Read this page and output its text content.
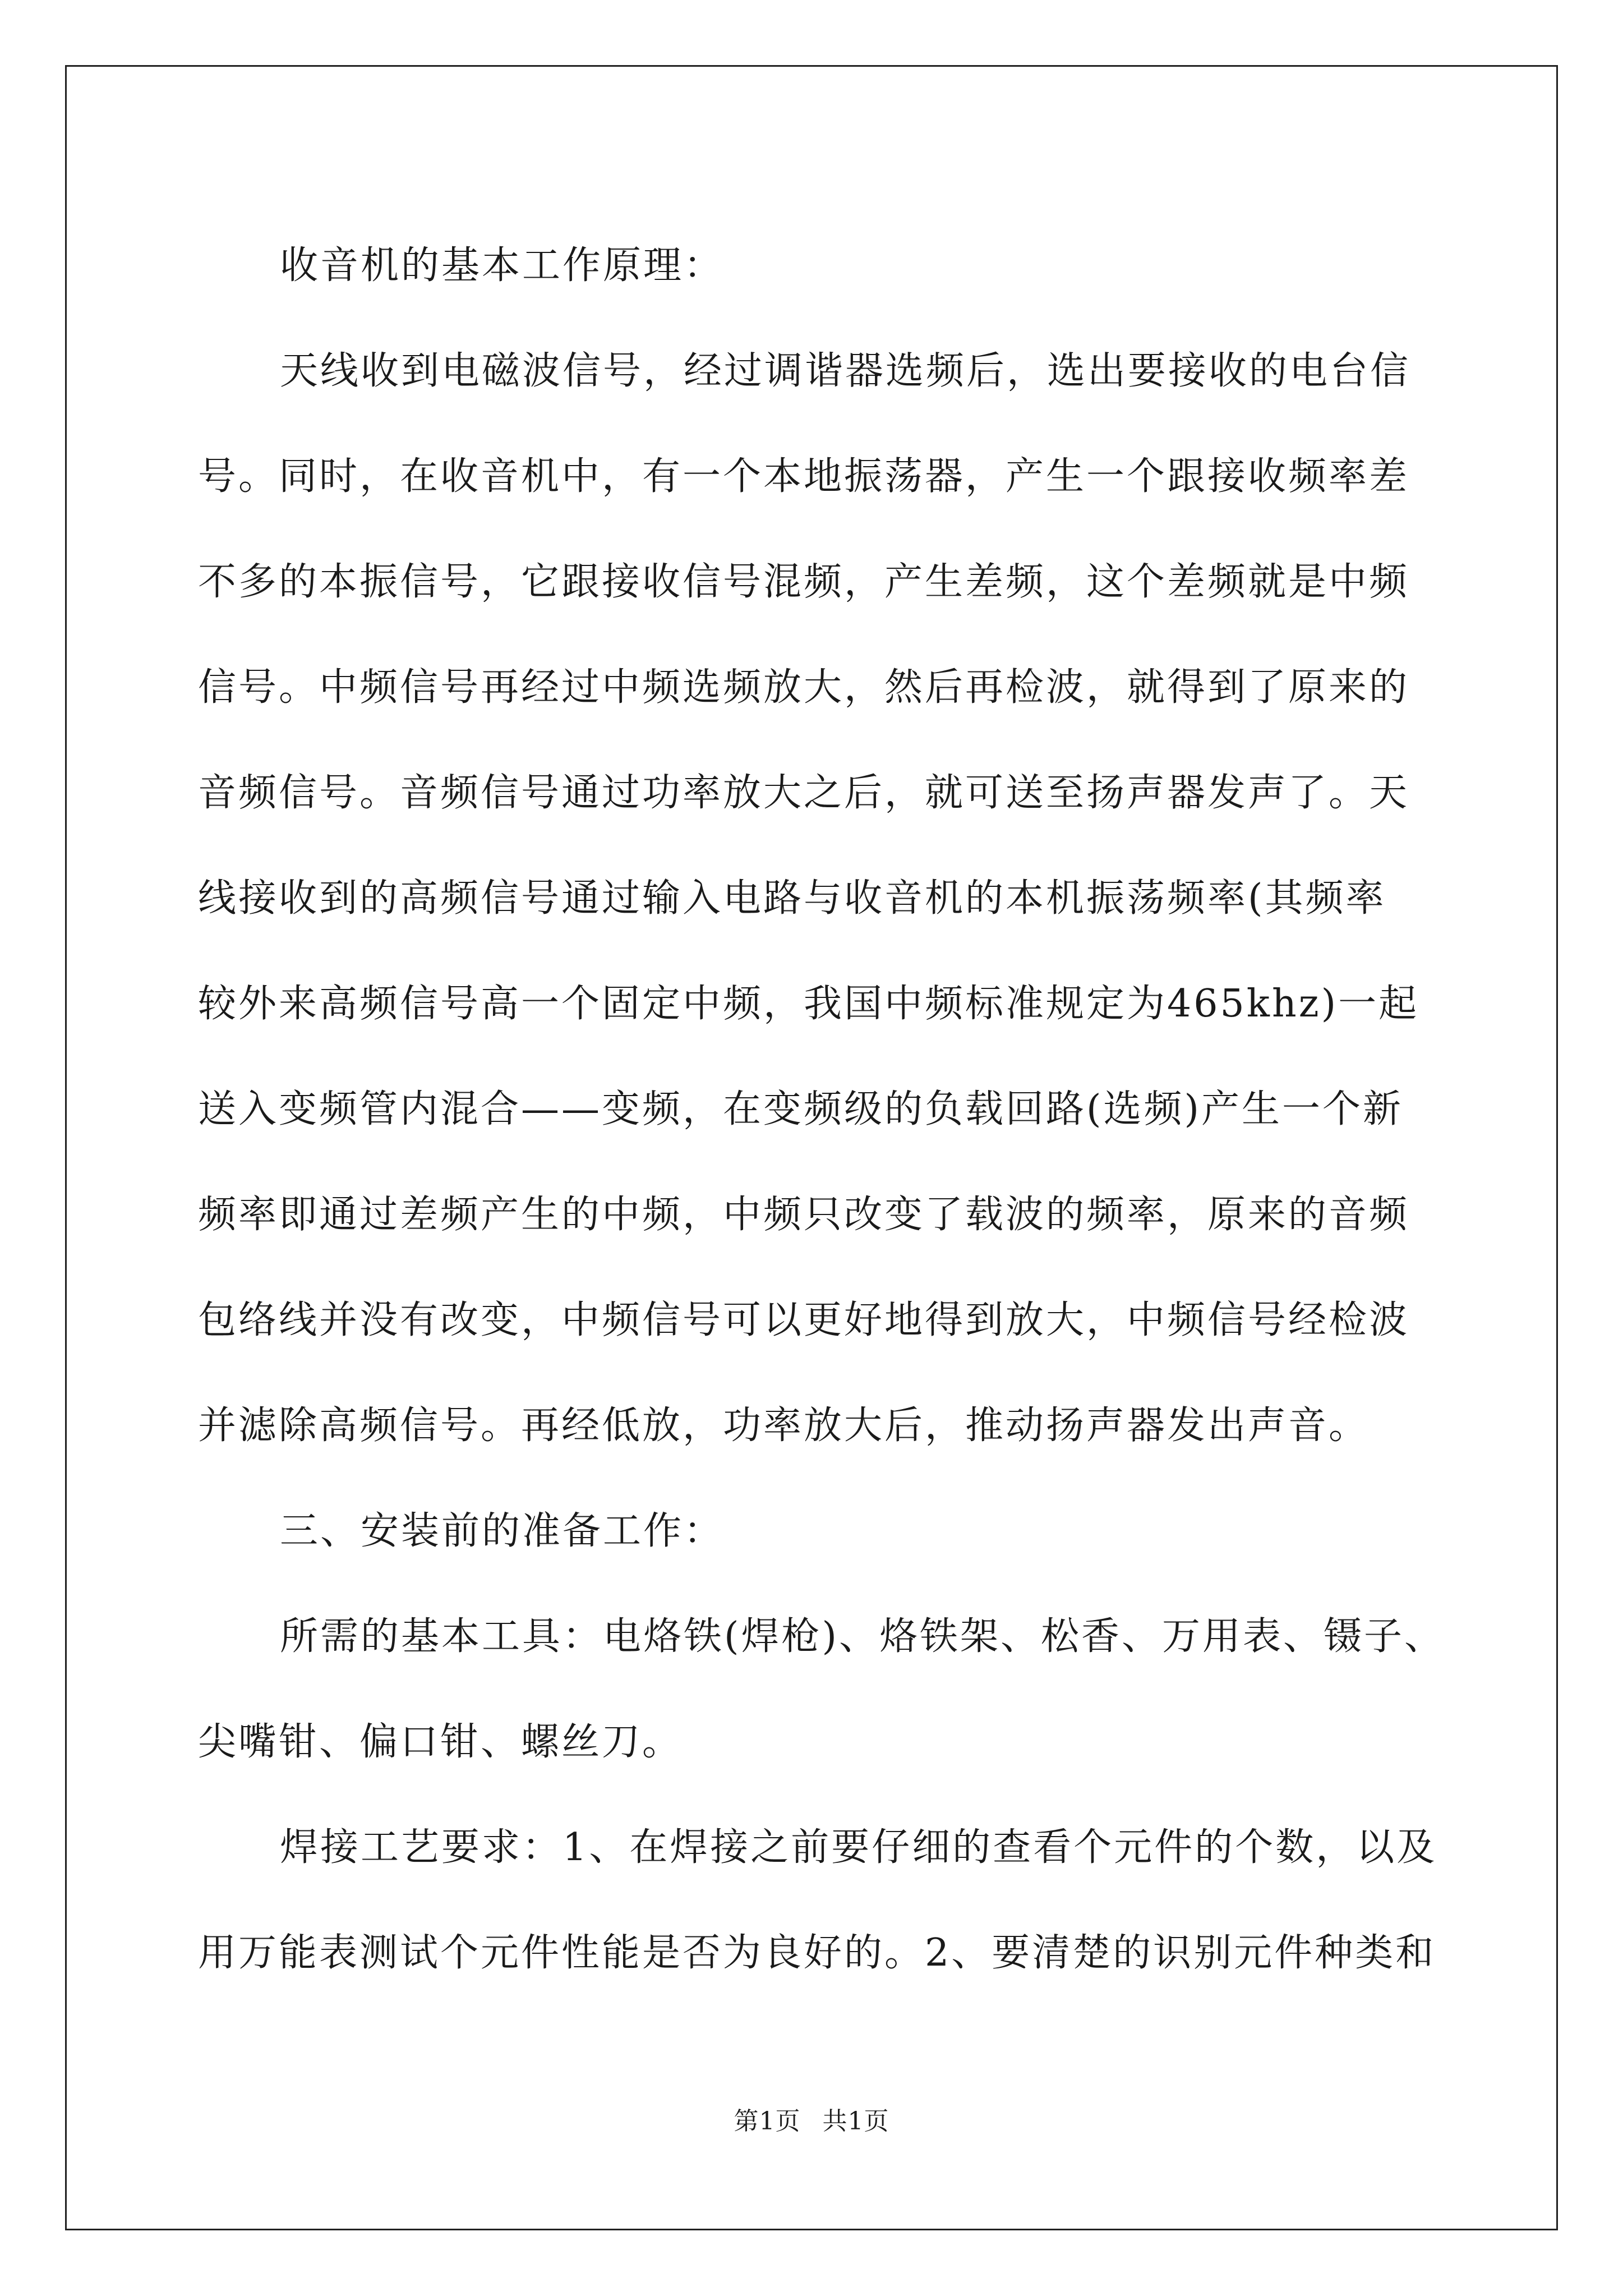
收音机的基本工作原理：

天线收到电磁波信号，经过调谐器选频后，选出要接收的电台信
号。同时，在收音机中，有一个本地振荡器，产生一个跟接收频率差
不多的本振信号，它跟接收信号混频，产生差频，这个差频就是中频
信号。中频信号再经过中频选频放大，然后再检波，就得到了原来的
音频信号。音频信号通过功率放大之后，就可送至扬声器发声了。天
线接收到的高频信号通过输入电路与收音机的本机振荡频率(其频率
较外来高频信号高一个固定中频，我国中频标准规定为465khz)一起
送入变频管内混合——变频，在变频级的负载回路(选频)产生一个新
频率即通过差频产生的中频，中频只改变了载波的频率，原来的音频
包络线并没有改变，中频信号可以更好地得到放大，中频信号经检波
并滤除高频信号。再经低放，功率放大后，推动扬声器发出声音。

三、安装前的准备工作：

所需的基本工具：电烙铁(焊枪)、烙铁架、松香、万用表、镊子、
尖嘴钳、偏口钳、螺丝刀。

焊接工艺要求：1、在焊接之前要仔细的查看个元件的个数，以及
用万能表测试个元件性能是否为良好的。2、要清楚的识别元件种类和

第1页 共1页
